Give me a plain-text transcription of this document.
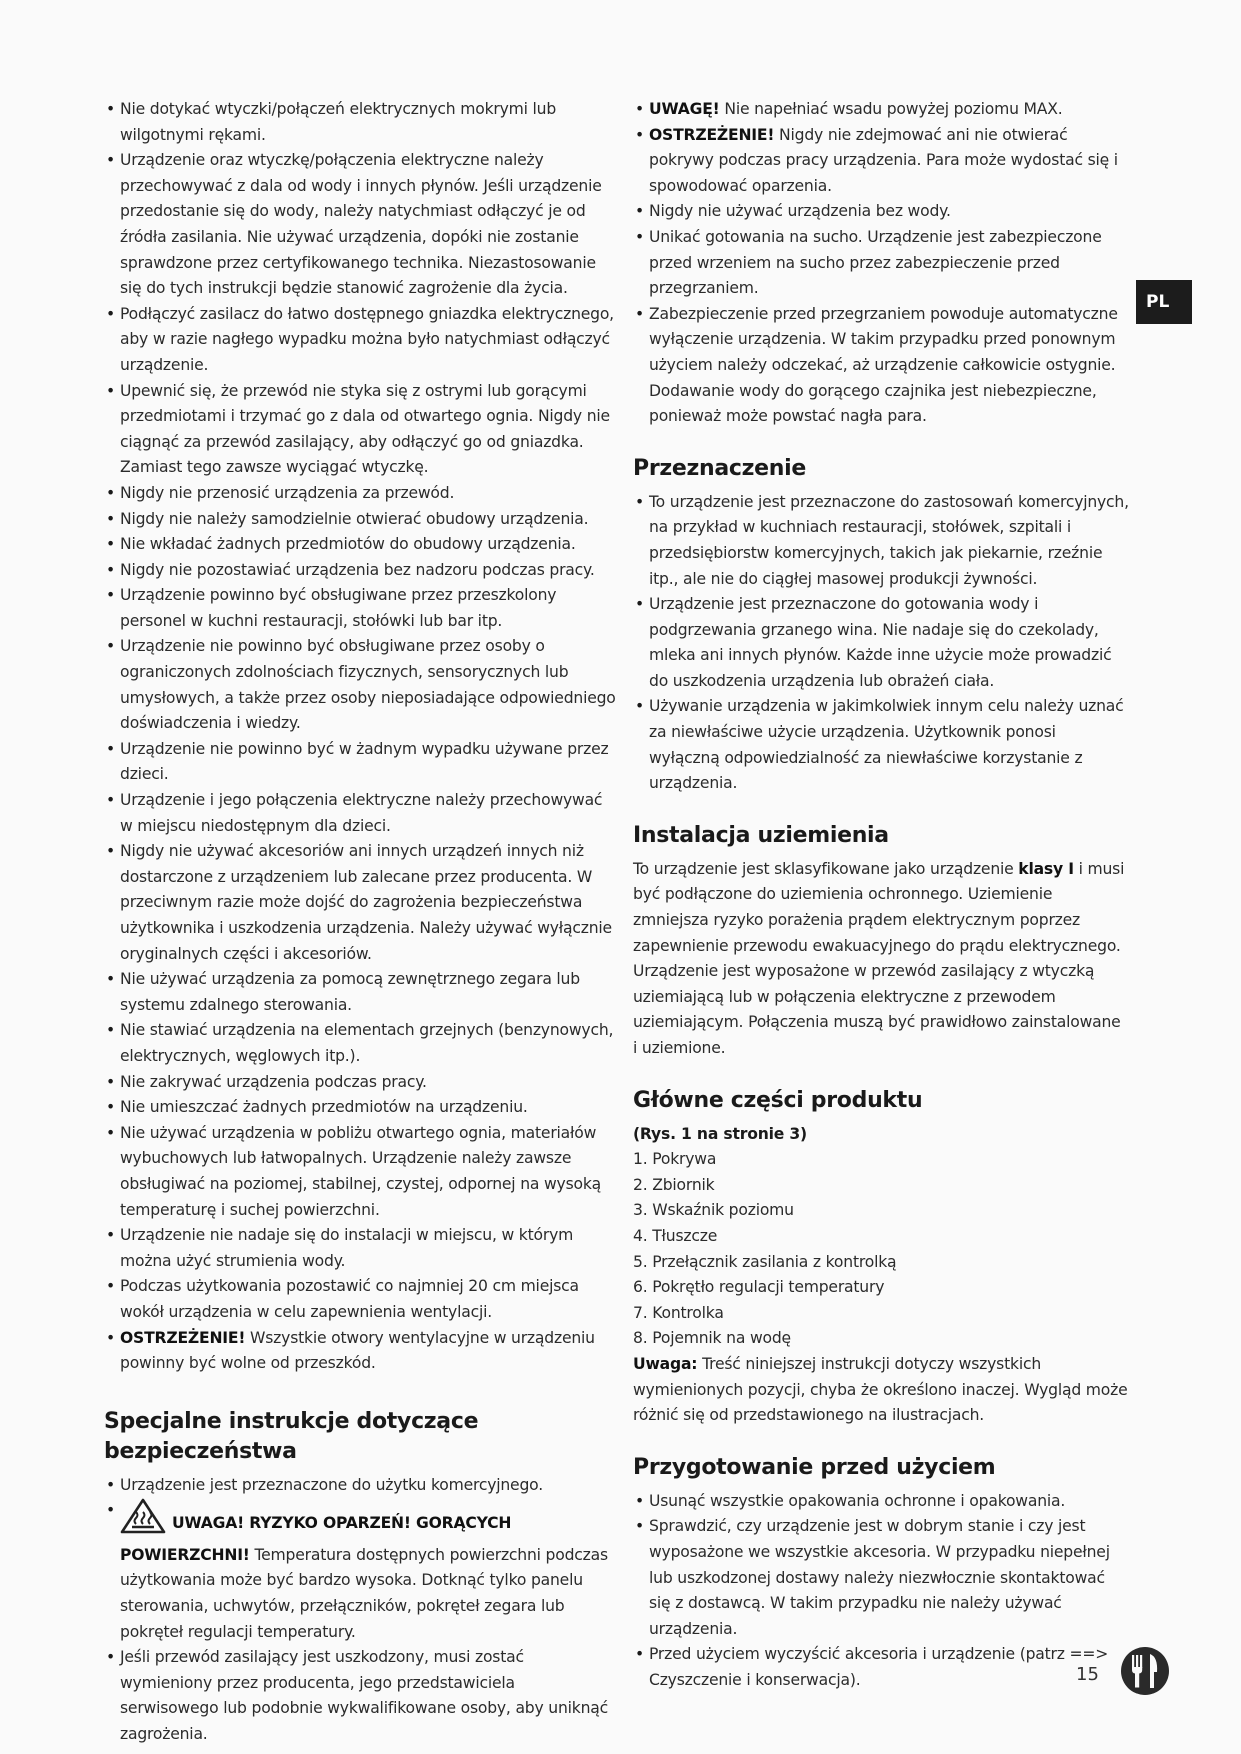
• Nie dotykać wtyczki/połączeń elektrycznych mokrymi lub wilgotnymi rękami.
• Urządzenie oraz wtyczkę/połączenia elektryczne należy przechowywać z dala od wody i innych płynów. Jeśli urządzenie przedostanie się do wody, należy natychmiast odłączyć je od źródła zasilania. Nie używać urządzenia, dopóki nie zostanie sprawdzone przez certyfikowanego technika. Niezastosowanie się do tych instrukcji będzie stanowić zagrożenie dla życia.
• Podłączyć zasilacz do łatwo dostępnego gniazdka elektrycznego, aby w razie nagłego wypadku można było natychmiast odłączyć urządzenie.
• Upewnić się, że przewód nie styka się z ostrymi lub gorącymi przedmiotami i trzymać go z dala od otwartego ognia. Nigdy nie ciągnąć za przewód zasilający, aby odłączyć go od gniazdka. Zamiast tego zawsze wyciągać wtyczkę.
• Nigdy nie przenosić urządzenia za przewód.
• Nigdy nie należy samodzielnie otwierać obudowy urządzenia.
• Nie wkładać żadnych przedmiotów do obudowy urządzenia.
• Nigdy nie pozostawiać urządzenia bez nadzoru podczas pracy.
• Urządzenie powinno być obsługiwane przez przeszkolony personel w kuchni restauracji, stołówki lub bar itp.
• Urządzenie nie powinno być obsługiwane przez osoby o ograniczonych zdolnościach fizycznych, sensorycznych lub umysłowych, a także przez osoby nieposiadające odpowiedniego doświadczenia i wiedzy.
• Urządzenie nie powinno być w żadnym wypadku używane przez dzieci.
• Urządzenie i jego połączenia elektryczne należy przechowywać w miejscu niedostępnym dla dzieci.
• Nigdy nie używać akcesoriów ani innych urządzeń innych niż dostarczone z urządzeniem lub zalecane przez producenta. W przeciwnym razie może dojść do zagrożenia bezpieczeństwa użytkownika i uszkodzenia urządzenia. Należy używać wyłącznie oryginalnych części i akcesoriów.
• Nie używać urządzenia za pomocą zewnętrznego zegara lub systemu zdalnego sterowania.
• Nie stawiać urządzenia na elementach grzejnych (benzynowych, elektrycznych, węglowych itp.).
• Nie zakrywać urządzenia podczas pracy.
• Nie umieszczać żadnych przedmiotów na urządzeniu.
• Nie używać urządzenia w pobliżu otwartego ognia, materiałów wybuchowych lub łatwopalnych. Urządzenie należy zawsze obsługiwać na poziomej, stabilnej, czystej, odpornej na wysoką temperaturę i suchej powierzchni.
• Urządzenie nie nadaje się do instalacji w miejscu, w którym można użyć strumienia wody.
• Podczas użytkowania pozostawić co najmniej 20 cm miejsca wokół urządzenia w celu zapewnienia wentylacji.
• OSTRZEŻENIE! Wszystkie otwory wentylacyjne w urządzeniu powinny być wolne od przeszkód.
Specjalne instrukcje dotyczące bezpieczeństwa
• Urządzenie jest przeznaczone do użytku komercyjnego.
• UWAGA! RYZYKO OPARZEŃ! GORĄCYCH POWIERZCHNI! Temperatura dostępnych powierzchni podczas użytkowania może być bardzo wysoka. Dotknąć tylko panelu sterowania, uchwytów, przełączników, pokręteł zegara lub pokręteł regulacji temperatury.
• Jeśli przewód zasilający jest uszkodzony, musi zostać wymieniony przez producenta, jego przedstawiciela serwisowego lub podobnie wykwalifikowane osoby, aby uniknąć zagrożenia.
• UWAGĘ! Nie napełniać wsadu powyżej poziomu MAX.
• OSTRZEŻENIE! Nigdy nie zdejmować ani nie otwierać pokrywy podczas pracy urządzenia. Para może wydostać się i spowodować oparzenia.
• Nigdy nie używać urządzenia bez wody.
• Unikać gotowania na sucho. Urządzenie jest zabezpieczone przed wrzeniem na sucho przez zabezpieczenie przed przegrzaniem.
• Zabezpieczenie przed przegrzaniem powoduje automatyczne wyłączenie urządzenia. W takim przypadku przed ponownym użyciem należy odczekać, aż urządzenie całkowicie ostygnie. Dodawanie wody do gorącego czajnika jest niebezpieczne, ponieważ może powstać nagła para.
Przeznaczenie
• To urządzenie jest przeznaczone do zastosowań komercyjnych, na przykład w kuchniach restauracji, stołówek, szpitali i przedsiębiorstw komercyjnych, takich jak piekarnie, rzeźnie itp., ale nie do ciągłej masowej produkcji żywności.
• Urządzenie jest przeznaczone do gotowania wody i podgrzewania grzanego wina. Nie nadaje się do czekolady, mleka ani innych płynów. Każde inne użycie może prowadzić do uszkodzenia urządzenia lub obrażeń ciała.
• Używanie urządzenia w jakimkolwiek innym celu należy uznać za niewłaściwe użycie urządzenia. Użytkownik ponosi wyłączną odpowiedzialność za niewłaściwe korzystanie z urządzenia.
Instalacja uziemienia

To urządzenie jest sklasyfikowane jako urządzenie klasy I i musi być podłączone do uziemienia ochronnego. Uziemienie zmniejsza ryzyko porażenia prądem elektrycznym poprzez zapewnienie przewodu ewakuacyjnego do prądu elektrycznego. Urządzenie jest wyposażone w przewód zasilający z wtyczką uziemiającą lub w połączenia elektryczne z przewodem uziemiającym. Połączenia muszą być prawidłowo zainstalowane i uziemione.

Główne części produktu

(Rys. 1 na stronie 3)

1. Pokrywa
2. Zbiornik
3. Wskaźnik poziomu
4. Tłuszcze
5. Przełącznik zasilania z kontrolką
6. Pokrętło regulacji temperatury
7. Kontrolka
8. Pojemnik na wodę

Uwaga: Treść niniejszej instrukcji dotyczy wszystkich wymienionych pozycji, chyba że określono inaczej. Wygląd może różnić się od przedstawionego na ilustracjach.

Przygotowanie przed użyciem
• Usunąć wszystkie opakowania ochronne i opakowania.
• Sprawdzić, czy urządzenie jest w dobrym stanie i czy jest wyposażone we wszystkie akcesoria. W przypadku niepełnej lub uszkodzonej dostawy należy niezwłocznie skontaktować się z dostawcą. W takim przypadku nie należy używać urządzenia.
• Przed użyciem wyczyścić akcesoria i urządzenie (patrz ==> Czyszczenie i konserwacja).
PL
15
